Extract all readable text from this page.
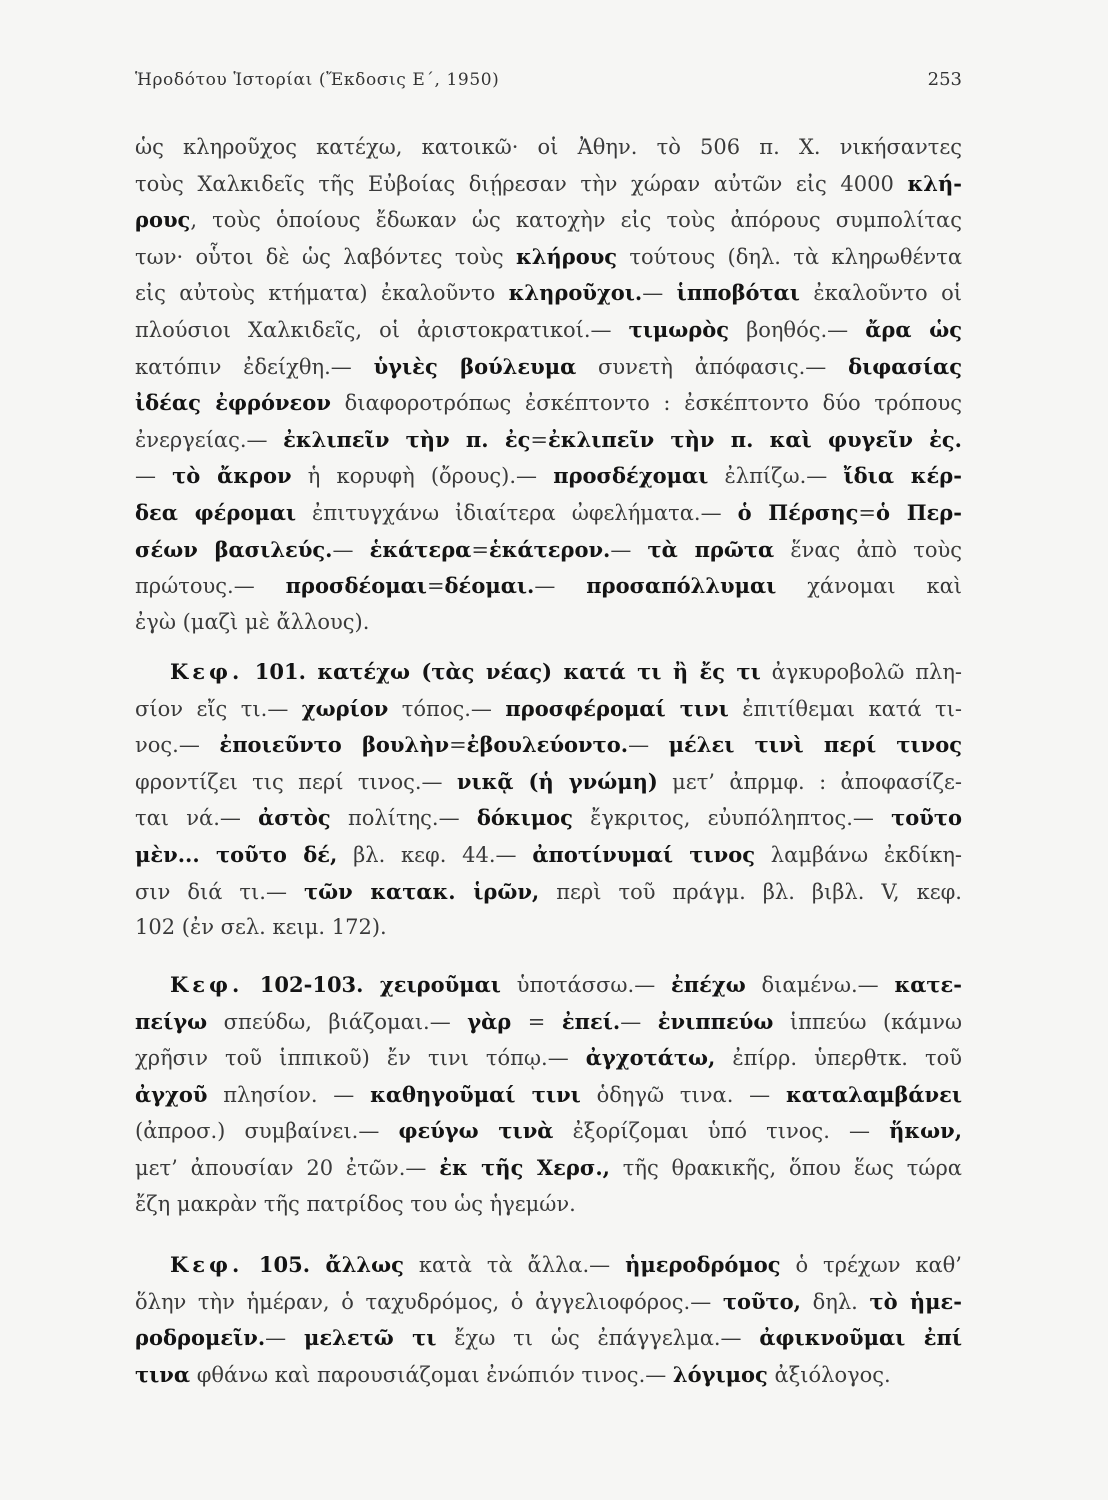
Ἡροδότου Ἱστορίαι (Ἔκδοσις Ε΄, 1950)	253
ὡς κληροῦχος κατέχω, κατοικῶ· οἱ Ἀθην. τὸ 506 π. Χ. νικήσαντες
τοὺς Χαλκιδεῖς τῆς Εὐβοίας διῄρεσαν τὴν χώραν αὐτῶν εἰς 4000 κλή-
ρους, τοὺς ὁποίους ἔδωκαν ὡς κατοχὴν εἰς τοὺς ἀπόρους συμπολίτας
των· οὗτοι δὲ ὡς λαβόντες τοὺς κλήρους τούτους (δηλ. τὰ κληρωθέντα
εἰς αὐτοὺς κτήματα) ἐκαλοῦντο κληροῦχοι.— ἱπποβόται ἐκαλοῦντο οἱ
πλούσιοι Χαλκιδεῖς, οἱ ἀριστοκρατικοί.— τιμωρὸς βοηθός.— ἄρα ὡς
κατόπιν ἐδείχθη.— ὑγιὲς βούλευμα συνετὴ ἀπόφασις.— διφασίας
ἰδέας ἐφρόνεον διαφοροτρόπως ἐσκέπτοντο : ἐσκέπτοντο δύο τρόπους
ἐνεργείας.— ἐκλιπεῖν τὴν π. ἐς=ἐκλιπεῖν τὴν π. καὶ φυγεῖν ἐς.
— τὸ ἄκρον ἡ κορυφὴ (ὄρους).— προσδέχομαι ἐλπίζω.— ἴδια κέρ-
δεα φέρομαι ἐπιτυγχάνω ἰδιαίτερα ὠφελήματα.— ὁ Πέρσης=ὁ Περ-
σέων βασιλεύς.— ἑκάτερα=ἑκάτερον.— τὰ πρῶτα ἕνας ἀπὸ τοὺς
πρώτους.— προσδέομαι=δέομαι.— προσαπόλλυμαι χάνομαι καὶ
ἐγὼ (μαζὶ μὲ ἄλλους).
Κεφ. 101. κατέχω (τὰς νέας) κατά τι ἢ ἔς τι ἀγκυροβολῶ πλη-
σίον εἴς τι.— χωρίον τόπος.— προσφέρομαί τινι ἐπιτίθεμαι κατά τι-
νος.— ἐποιεῦντο βουλὴν=ἐβουλεύοντο.— μέλει τινὶ περί τινος
φροντίζει τις περί τινος.— νικᾷ (ἡ γνώμη) μετ’ ἀπρμφ. : ἀποφασίζε-
ται νά.— ἀστὸς πολίτης.— δόκιμος ἔγκριτος, εὐυπόληπτος.— τοῦτο
μὲν... τοῦτο δέ, βλ. κεφ. 44.— ἀποτίνυμαί τινος λαμβάνω ἐκδίκη-
σιν διά τι.— τῶν κατακ. ἱρῶν, περὶ τοῦ πράγμ. βλ. βιβλ. V, κεφ.
102 (ἐν σελ. κειμ. 172).
Κεφ. 102-103. χειροῦμαι ὑποτάσσω.— ἐπέχω διαμένω.— κατε-
πείγω σπεύδω, βιάζομαι.— γὰρ = ἐπεί.— ἐνιππεύω ἱππεύω (κάμνω
χρῆσιν τοῦ ἱππικοῦ) ἔν τινι τόπῳ.— ἀγχοτάτω, ἐπίρρ. ὑπερθτκ. τοῦ
ἀγχοῦ πλησίον. — καθηγοῦμαί τινι ὁδηγῶ τινα. — καταλαμβάνει
(ἀπροσ.) συμβαίνει.— φεύγω τινὰ ἐξορίζομαι ὑπό τινος. — ἥκων,
μετ’ ἀπουσίαν 20 ἐτῶν.— ἐκ τῆς Χερσ., τῆς θρακικῆς, ὅπου ἕως τώρα
ἔζη μακρὰν τῆς πατρίδος του ὡς ἡγεμών.
Κεφ. 105. ἄλλως κατὰ τὰ ἄλλα.— ἡμεροδρόμος ὁ τρέχων καθ’
ὅλην τὴν ἡμέραν, ὁ ταχυδρόμος, ὁ ἀγγελιοφόρος.— τοῦτο, δηλ. τὸ ἡμε-
ροδρομεῖν.— μελετῶ τι ἔχω τι ὡς ἐπάγγελμα.— ἀφικνοῦμαι ἐπί
τινα φθάνω καὶ παρουσιάζομαι ἐνώπιόν τινος.— λόγιμος ἀξιόλογος.
